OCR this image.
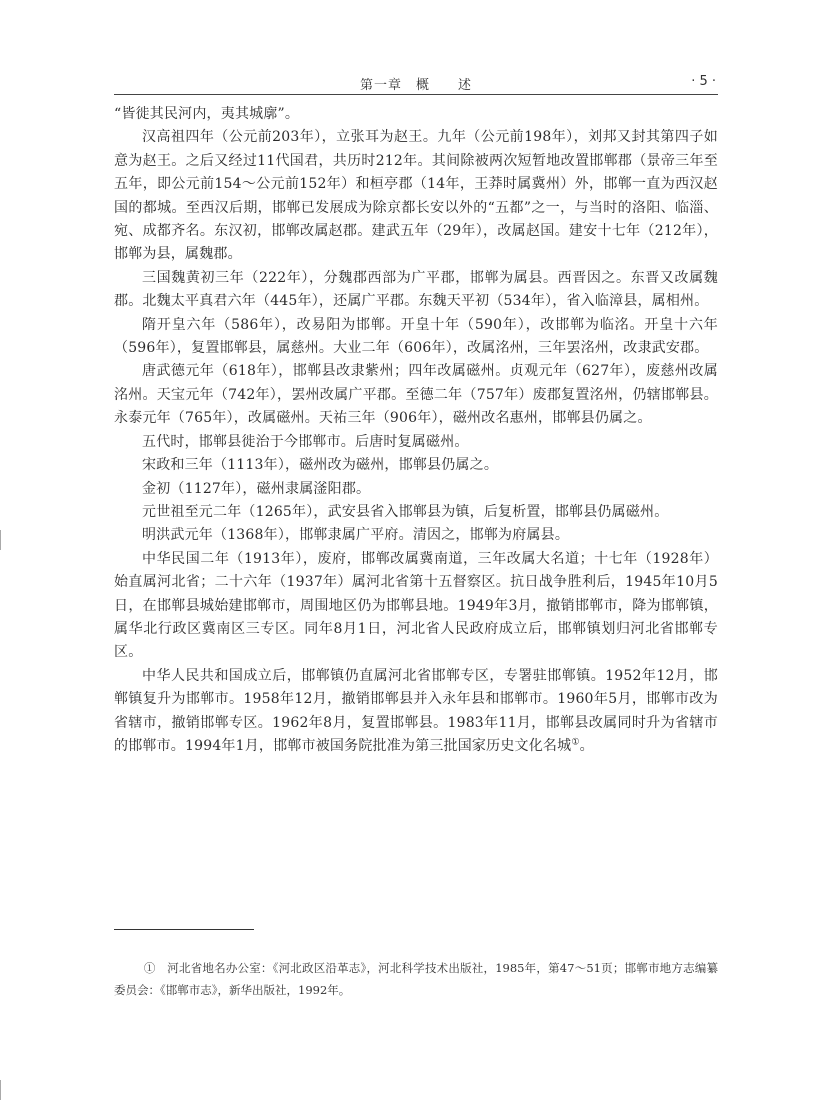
第一章　概　　述	· 5 ·

“皆徙其民河内，夷其城廓”。

汉高祖四年（公元前203年），立张耳为赵王。九年（公元前198年），刘邦又封其第四子如意为赵王。之后又经过11代国君，共历时212年。其间除被两次短暂地改置邯郸郡（景帝三年至五年，即公元前154～公元前152年）和桓亭郡（14年，王莽时属冀州）外，邯郸一直为西汉赵国的都城。至西汉后期，邯郸已发展成为除京都长安以外的“五都”之一，与当时的洛阳、临淄、宛、成都齐名。东汉初，邯郸改属赵郡。建武五年（29年），改属赵国。建安十七年（212年），邯郸为县，属魏郡。

三国魏黄初三年（222年），分魏郡西部为广平郡，邯郸为属县。西晋因之。东晋又改属魏郡。北魏太平真君六年（445年），还属广平郡。东魏天平初（534年），省入临漳县，属相州。

隋开皇六年（586年），改易阳为邯郸。开皇十年（590年），改邯郸为临洺。开皇十六年（596年），复置邯郸县，属慈州。大业二年（606年），改属洺州，三年罢洺州，改隶武安郡。

唐武德元年（618年），邯郸县改隶紫州；四年改属磁州。贞观元年（627年），废慈州改属洺州。天宝元年（742年），罢州改属广平郡。至德二年（757年）废郡复置洺州，仍辖邯郸县。永泰元年（765年），改属磁州。天祐三年（906年），磁州改名惠州，邯郸县仍属之。

五代时，邯郸县徙治于今邯郸市。后唐时复属磁州。

宋政和三年（1113年），磁州改为磁州，邯郸县仍属之。

金初（1127年），磁州隶属滏阳郡。

元世祖至元二年（1265年），武安县省入邯郸县为镇，后复析置，邯郸县仍属磁州。

明洪武元年（1368年），邯郸隶属广平府。清因之，邯郸为府属县。

中华民国二年（1913年），废府，邯郸改属冀南道，三年改属大名道；十七年（1928年）始直属河北省；二十六年（1937年）属河北省第十五督察区。抗日战争胜利后，1945年10月5日，在邯郸县城始建邯郸市，周围地区仍为邯郸县地。1949年3月，撤销邯郸市，降为邯郸镇，属华北行政区冀南区三专区。同年8月1日，河北省人民政府成立后，邯郸镇划归河北省邯郸专区。

中华人民共和国成立后，邯郸镇仍直属河北省邯郸专区，专署驻邯郸镇。1952年12月，邯郸镇复升为邯郸市。1958年12月，撤销邯郸县并入永年县和邯郸市。1960年5月，邯郸市改为省辖市，撤销邯郸专区。1962年8月，复置邯郸县。1983年11月，邯郸县改属同时升为省辖市的邯郸市。1994年1月，邯郸市被国务院批准为第三批国家历史文化名城①。

①　河北省地名办公室：《河北政区沿革志》，河北科学技术出版社，1985年，第47～51页；邯郸市地方志编纂委员会：《邯郸市志》，新华出版社，1992年。
